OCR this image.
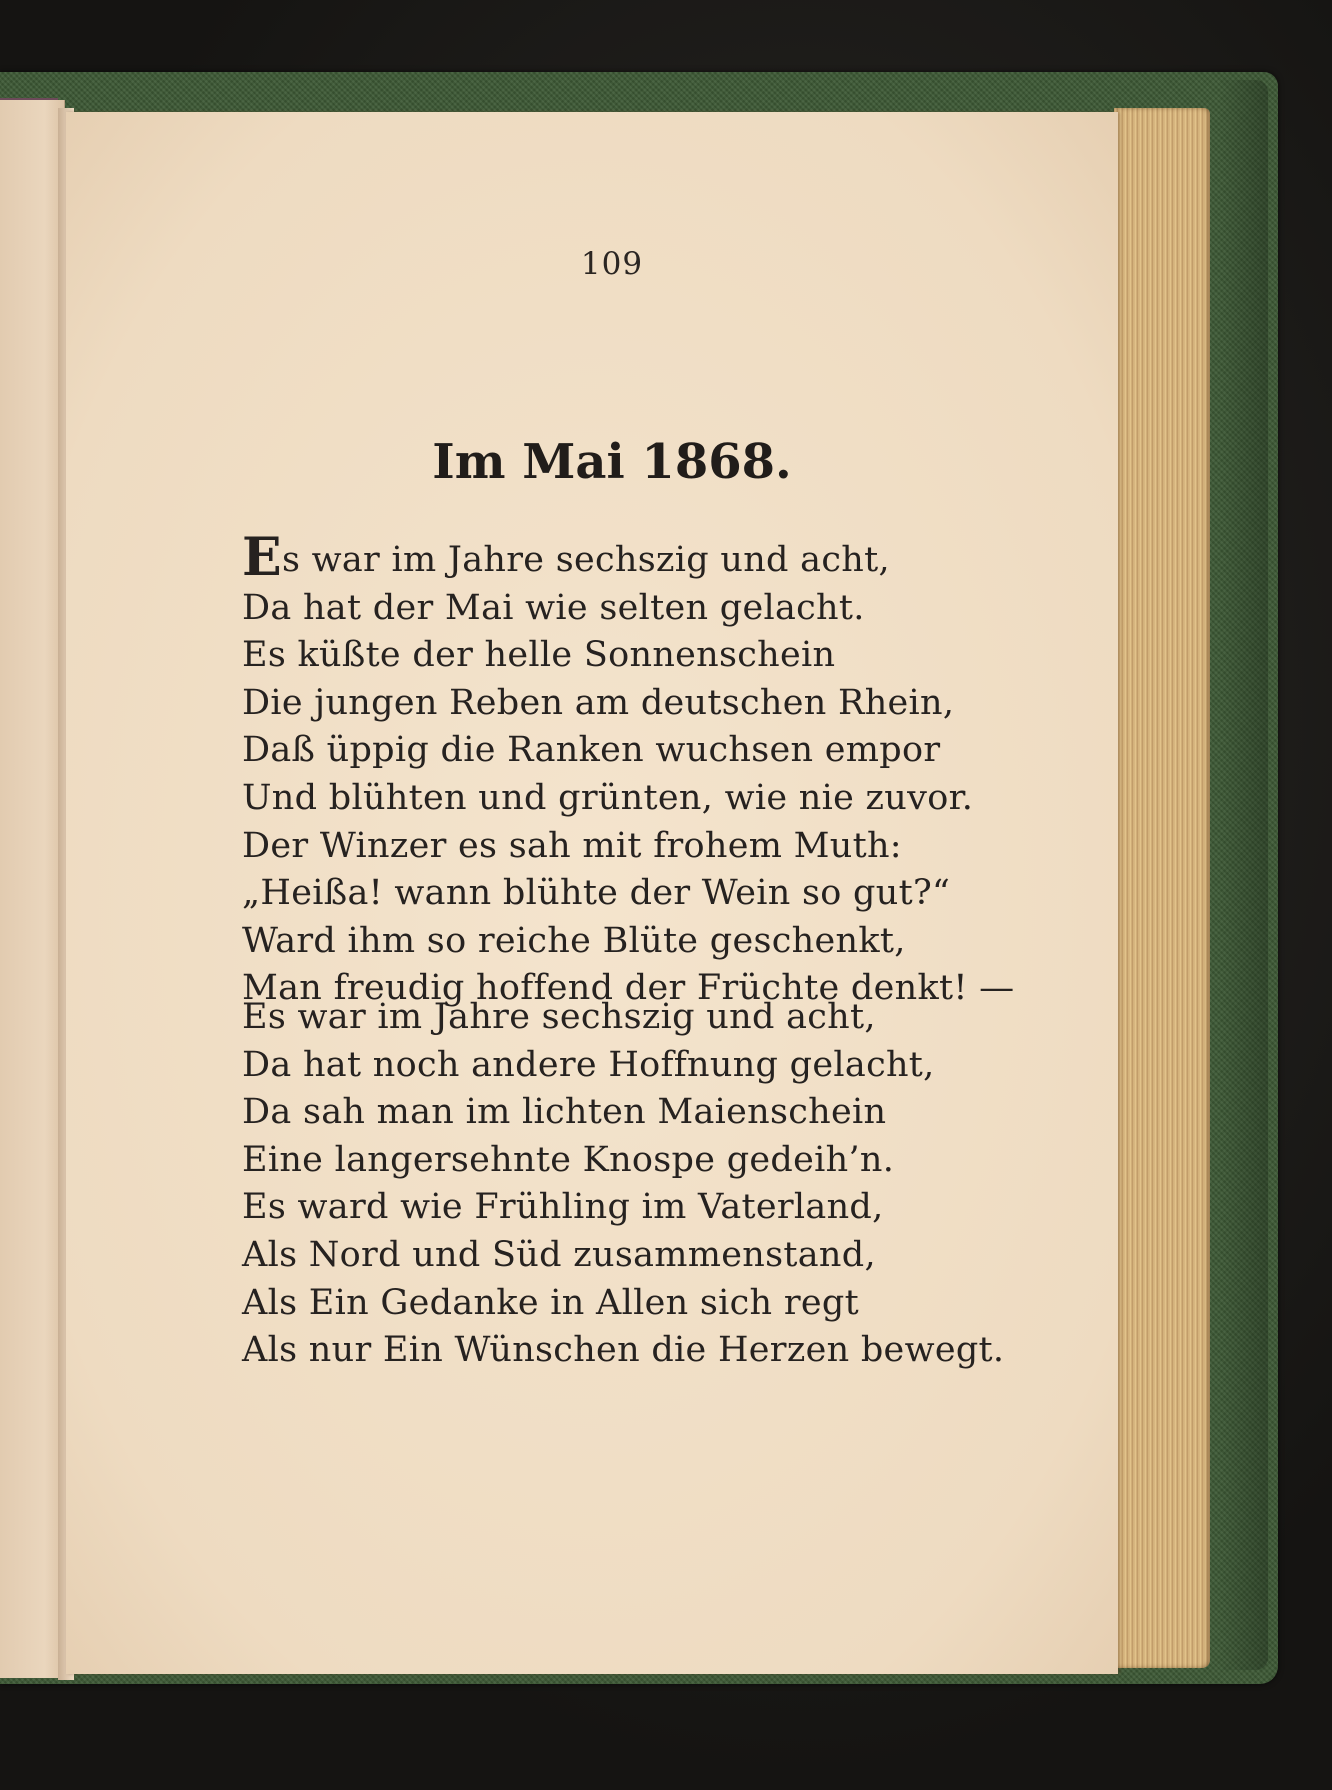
109
Im Mai 1868.
Es war im Jahre sechszig und acht,
Da hat der Mai wie selten gelacht.
Es küßte der helle Sonnenschein
Die jungen Reben am deutschen Rhein,
Daß üppig die Ranken wuchsen empor
Und blühten und grünten, wie nie zuvor.
Der Winzer es sah mit frohem Muth:
„Heißa! wann blühte der Wein so gut?“
Ward ihm so reiche Blüte geschenkt,
Man freudig hoffend der Früchte denkt! —
Es war im Jahre sechszig und acht,
Da hat noch andere Hoffnung gelacht,
Da sah man im lichten Maienschein
Eine langersehnte Knospe gedeih’n.
Es ward wie Frühling im Vaterland,
Als Nord und Süd zusammenstand,
Als Ein Gedanke in Allen sich regt
Als nur Ein Wünschen die Herzen bewegt.
